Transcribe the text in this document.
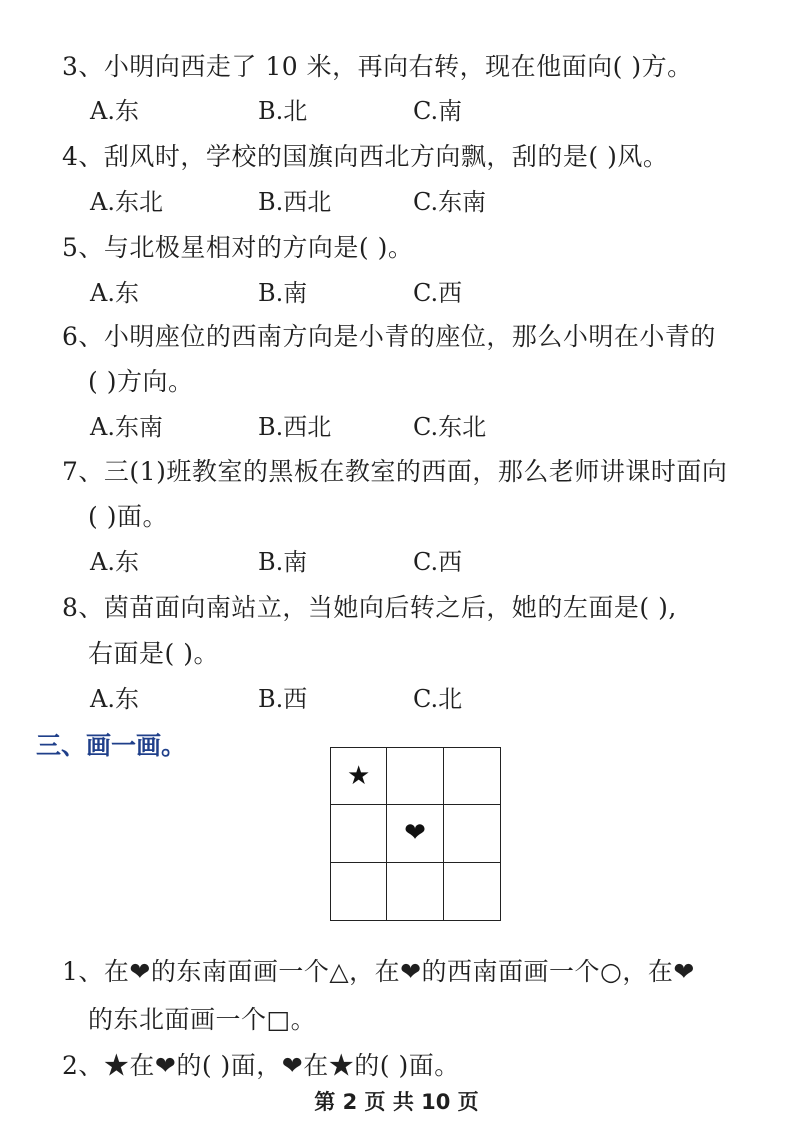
3、小明向西走了 10 米，再向右转，现在他面向( )方。
A.东	B.北	C.南
4、刮风时，学校的国旗向西北方向飘，刮的是( )风。
A.东北	B.西北	C.东南
5、与北极星相对的方向是( )。
A.东	B.南	C.西
6、小明座位的西南方向是小青的座位，那么小明在小青的
( )方向。
A.东南	B.西北	C.东北
7、三(1)班教室的黑板在教室的西面，那么老师讲课时面向
( )面。
A.东	B.南	C.西
8、茵苗面向南站立，当她向后转之后，她的左面是( ),
右面是( )。
A.东	B.西	C.北
三、画一画。
★
❤
1、在❤的东南面画一个△，在❤的西南面画一个○，在❤
的东北面画一个□。
2、★在❤的( )面，❤在★的( )面。
第 2 页 共 10 页
